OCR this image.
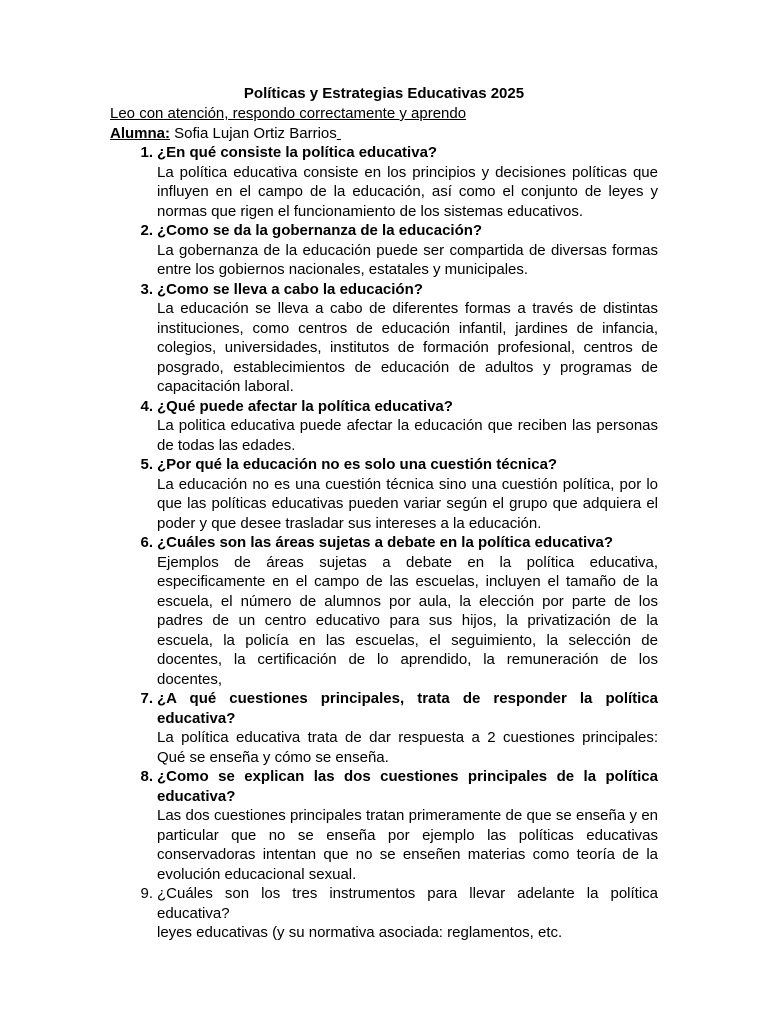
Políticas y Estrategias Educativas 2025
Leo con atención, respondo correctamente y aprendo
Alumna: Sofia Lujan Ortiz Barrios
1. ¿En qué consiste la política educativa?
La política educativa consiste en los principios y decisiones políticas que influyen en el campo de la educación, así como el conjunto de leyes y normas que rigen el funcionamiento de los sistemas educativos.
2. ¿Como se da la gobernanza de la educación?
La gobernanza de la educación puede ser compartida de diversas formas entre los gobiernos nacionales, estatales y municipales.
3. ¿Como se lleva a cabo la educación?
La educación se lleva a cabo de diferentes formas a través de distintas instituciones, como centros de educación infantil, jardines de infancia, colegios, universidades, institutos de formación profesional, centros de posgrado, establecimientos de educación de adultos y programas de capacitación laboral.
4. ¿Qué puede afectar la política educativa?
La politica educativa puede afectar la educación que reciben las personas de todas las edades.
5. ¿Por qué la educación no es solo una cuestión técnica?
La educación no es una cuestión técnica sino una cuestión política, por lo que las políticas educativas pueden variar según el grupo que adquiera el poder y que desee trasladar sus intereses a la educación.
6. ¿Cuáles son las áreas sujetas a debate en la política educativa?
Ejemplos de áreas sujetas a debate en la política educativa, especificamente en el campo de las escuelas, incluyen el tamaño de la escuela, el número de alumnos por aula, la elección por parte de los padres de un centro educativo para sus hijos, la privatización de la escuela, la policía en las escuelas, el seguimiento, la selección de docentes, la certificación de lo aprendido, la remuneración de los docentes,
7. ¿A qué cuestiones principales, trata de responder la política educativa?
La política educativa trata de dar respuesta a 2 cuestiones principales: Qué se enseña y cómo se enseña.
8. ¿Como se explican las dos cuestiones principales de la política educativa?
Las dos cuestiones principales tratan primeramente de que se enseña y en particular que no se enseña por ejemplo las políticas educativas conservadoras intentan que no se enseñen materias como teoría de la evolución educacional sexual.
9. ¿Cuáles son los tres instrumentos para llevar adelante la política educativa?
leyes educativas (y su normativa asociada: reglamentos, etc.
